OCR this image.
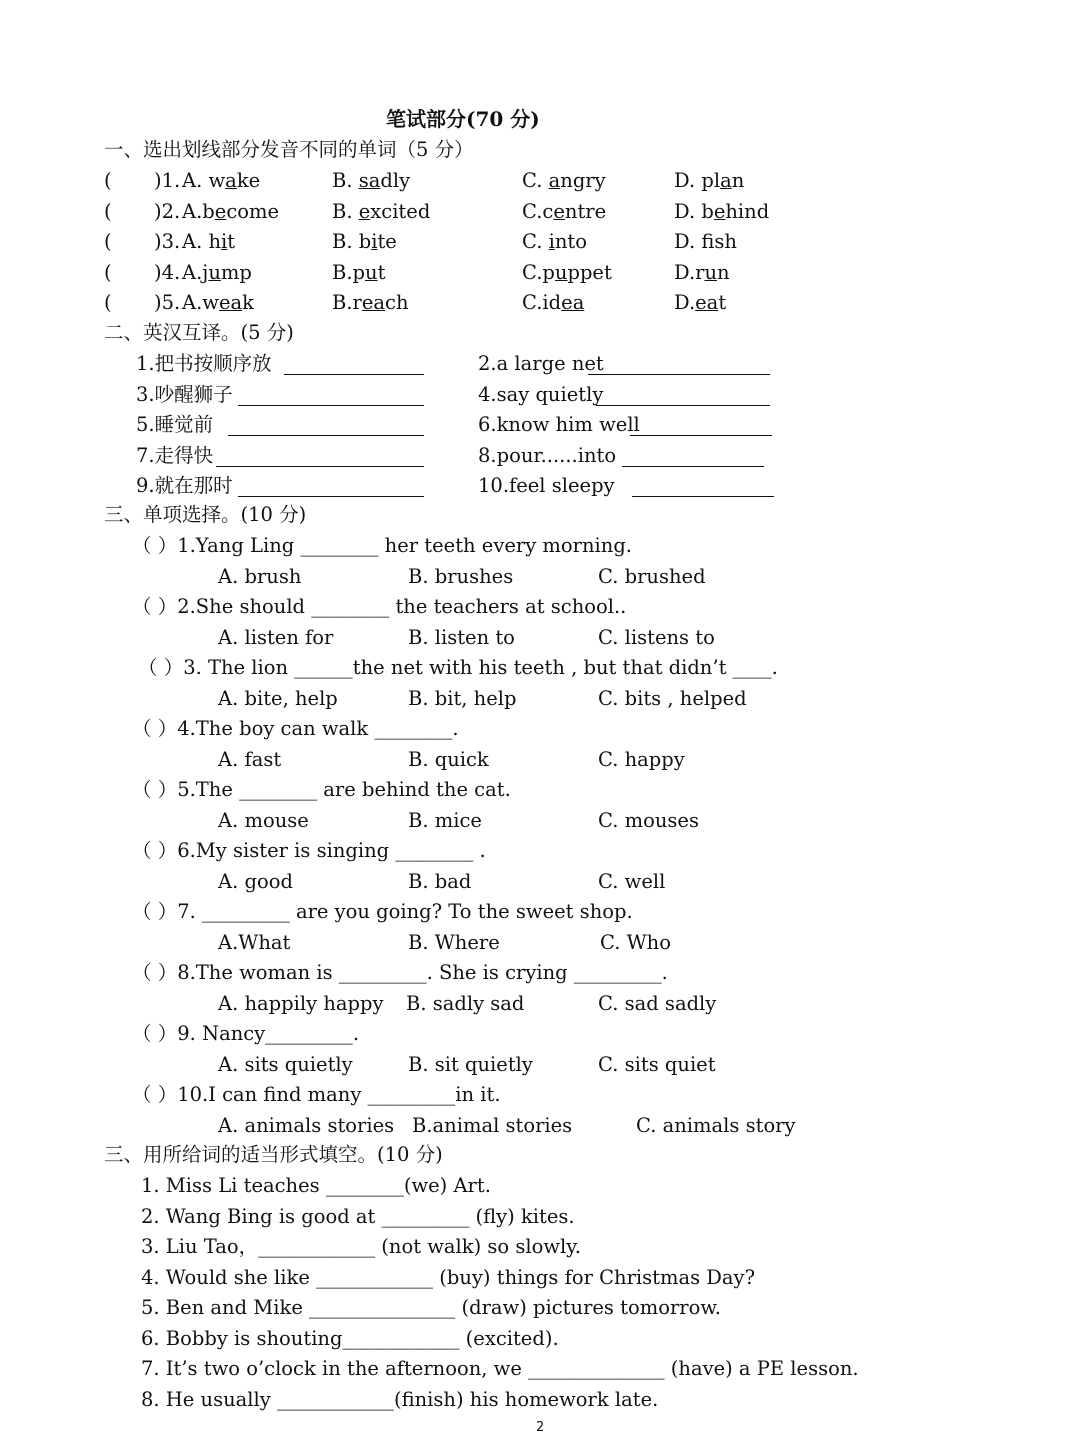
笔试部分(70 分)
一、选出划线部分发音不同的单词（5 分）
( )1. A. wake	B. sadly	C. angry	D. plan
( )2. A.become	B. excited	C.centre	D. behind
( )3. A. hit	B. bite	C. into	D. fsh
( )4. A.jump	B.put	C.puppet	D.run
( )5. A.weak	B.reach	C.idea	D.eat
二、英汉互译。(5 分)
1.把书按顺序放	2.a large net
3.吵醒狮子	4.say quietly
5.睡觉前	6.know him well
7.走得快	8.pour......into
9.就在那时	10.feel sleepy
三、单项选择。(10 分)
（ ）1.Yang Ling ________ her teeth every morning.
A. brush	B. brushes	C. brushed
（ ）2.She should ________ the teachers at school..
A. listen for	B. listen to	C. listens to
（ ）3. The lion ______the net with his teeth , but that didn’t ____.
A. bite, help	B. bit, help	C. bits , helped
（ ）4.The boy can walk ________.
A. fast	B. quick	C. happy
（ ）5.The ________ are behind the cat.
A. mouse	B. mice	C. mouses
（ ）6.My sister is singing ________ .
A. good	B. bad	C. well
（ ）7. _________ are you going? To the sweet shop.
A.What	B. Where	C. Who
（ ）8.The woman is _________. She is crying _________.
A. happily happy B. sadly sad	C. sad sadly
（ ）9. Nancy_________.
A. sits quietly	B. sit quietly	C. sits quiet
（ ）10.I can find many _________in it.
A. animals stories B.animal stories	C. animals story
三、用所给词的适当形式填空。(10 分)
1. Miss Li teaches ________(we) Art.
2. Wang Bing is good at _________ (fly) kites.
3. Liu Tao，____________ (not walk) so slowly.
4. Would she like ____________ (buy) things for Christmas Day?
5. Ben and Mike _______________ (draw) pictures tomorrow.
6. Bobby is shouting____________ (excited).
7. It’s two o’clock in the afternoon, we ______________ (have) a PE lesson.
8. He usually ____________(finish) his homework late.
2
